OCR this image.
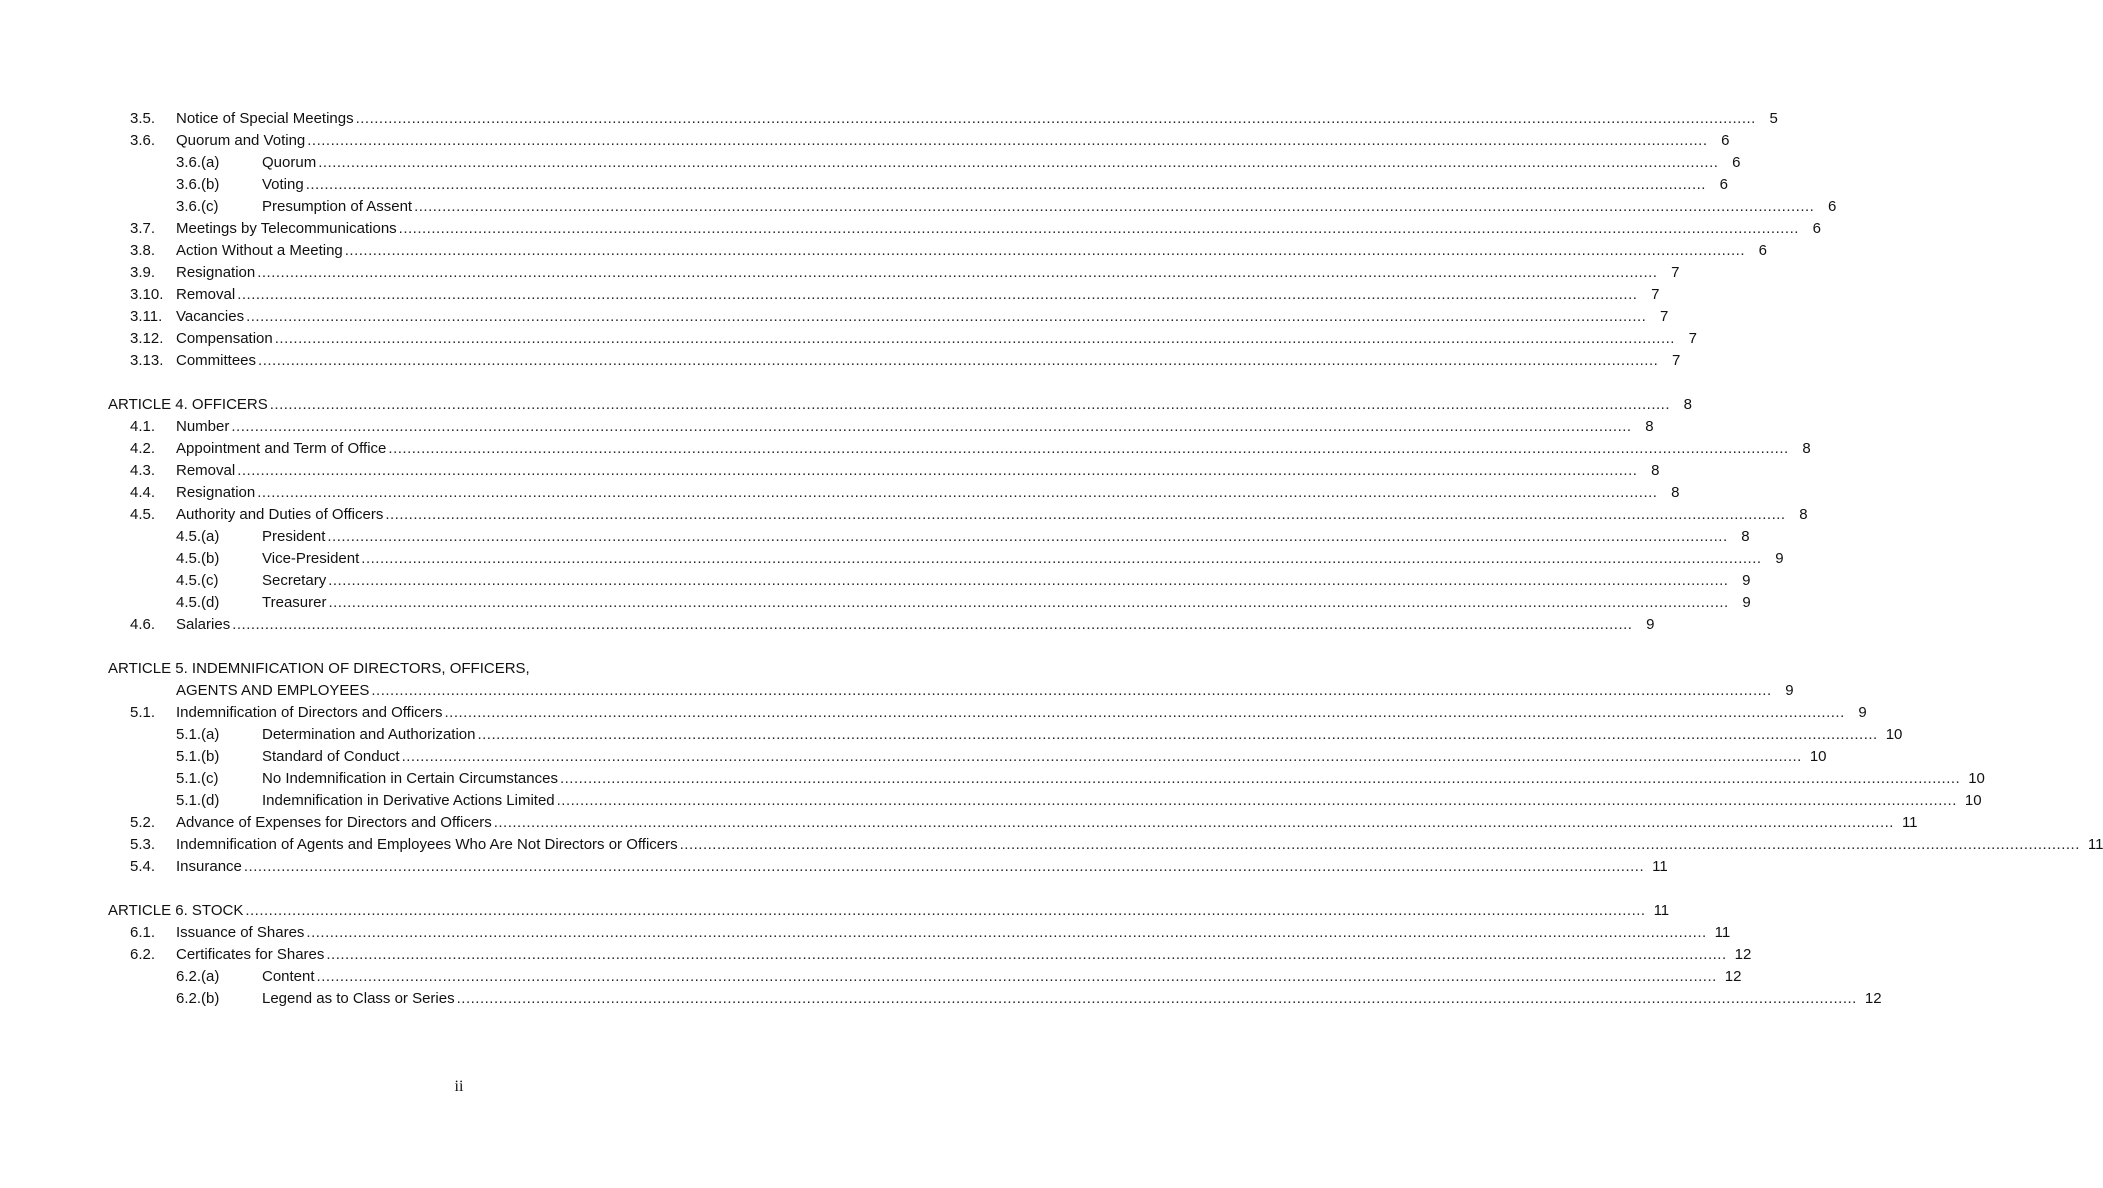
3.5. Notice of Special Meetings ............................................................................................................................................................................................................................................................................................................ 5
3.6. Quorum and Voting ............................................................................................................................................................................................................................................................................................................ 6
3.6.(a)	Quorum ............................................................................................................................................................................................................................................................................................................ 6
3.6.(b)	Voting ............................................................................................................................................................................................................................................................................................................ 6
3.6.(c)	Presumption of Assent ............................................................................................................................................................................................................................................................................................................ 6
3.7. Meetings by Telecommunications ............................................................................................................................................................................................................................................................................................................ 6
3.8. Action Without a Meeting ............................................................................................................................................................................................................................................................................................................ 6
3.9. Resignation ............................................................................................................................................................................................................................................................................................................ 7
3.10. Removal ............................................................................................................................................................................................................................................................................................................ 7
3.11. Vacancies ............................................................................................................................................................................................................................................................................................................ 7
3.12. Compensation ............................................................................................................................................................................................................................................................................................................ 7
3.13. Committees ............................................................................................................................................................................................................................................................................................................ 7
ARTICLE 4. OFFICERS ............................................................................................................................................................................................................................................................................................................ 8
4.1. Number ............................................................................................................................................................................................................................................................................................................ 8
4.2. Appointment and Term of Office ............................................................................................................................................................................................................................................................................................................ 8
4.3. Removal ............................................................................................................................................................................................................................................................................................................ 8
4.4. Resignation ............................................................................................................................................................................................................................................................................................................ 8
4.5. Authority and Duties of Officers ............................................................................................................................................................................................................................................................................................................ 8
4.5.(a)	President ............................................................................................................................................................................................................................................................................................................ 8
4.5.(b)	Vice-President ............................................................................................................................................................................................................................................................................................................ 9
4.5.(c)	Secretary ............................................................................................................................................................................................................................................................................................................ 9
4.5.(d)	Treasurer ............................................................................................................................................................................................................................................................................................................ 9
4.6. Salaries ............................................................................................................................................................................................................................................................................................................ 9
ARTICLE 5. INDEMNIFICATION OF DIRECTORS, OFFICERS,
AGENTS AND EMPLOYEES ............................................................................................................................................................................................................................................................................................................ 9
5.1. Indemnification of Directors and Officers ............................................................................................................................................................................................................................................................................................................ 9
5.1.(a)	Determination and Authorization ............................................................................................................................................................................................................................................................................................................ 10
5.1.(b)	Standard of Conduct ............................................................................................................................................................................................................................................................................................................ 10
5.1.(c)	No Indemnification in Certain Circumstances ............................................................................................................................................................................................................................................................................................................ 10
5.1.(d)	Indemnification in Derivative Actions Limited ............................................................................................................................................................................................................................................................................................................ 10
5.2. Advance of Expenses for Directors and Officers ............................................................................................................................................................................................................................................................................................................ 11
5.3. Indemnification of Agents and Employees Who Are Not Directors or Officers ............................................................................................................................................................................................................................................................................................................ 11
5.4. Insurance ............................................................................................................................................................................................................................................................................................................ 11
ARTICLE 6. STOCK ............................................................................................................................................................................................................................................................................................................ 11
6.1. Issuance of Shares ............................................................................................................................................................................................................................................................................................................ 11
6.2. Certificates for Shares ............................................................................................................................................................................................................................................................................................................ 12
6.2.(a)	Content ............................................................................................................................................................................................................................................................................................................ 12
6.2.(b)	Legend as to Class or Series ............................................................................................................................................................................................................................................................................................................ 12
ii
